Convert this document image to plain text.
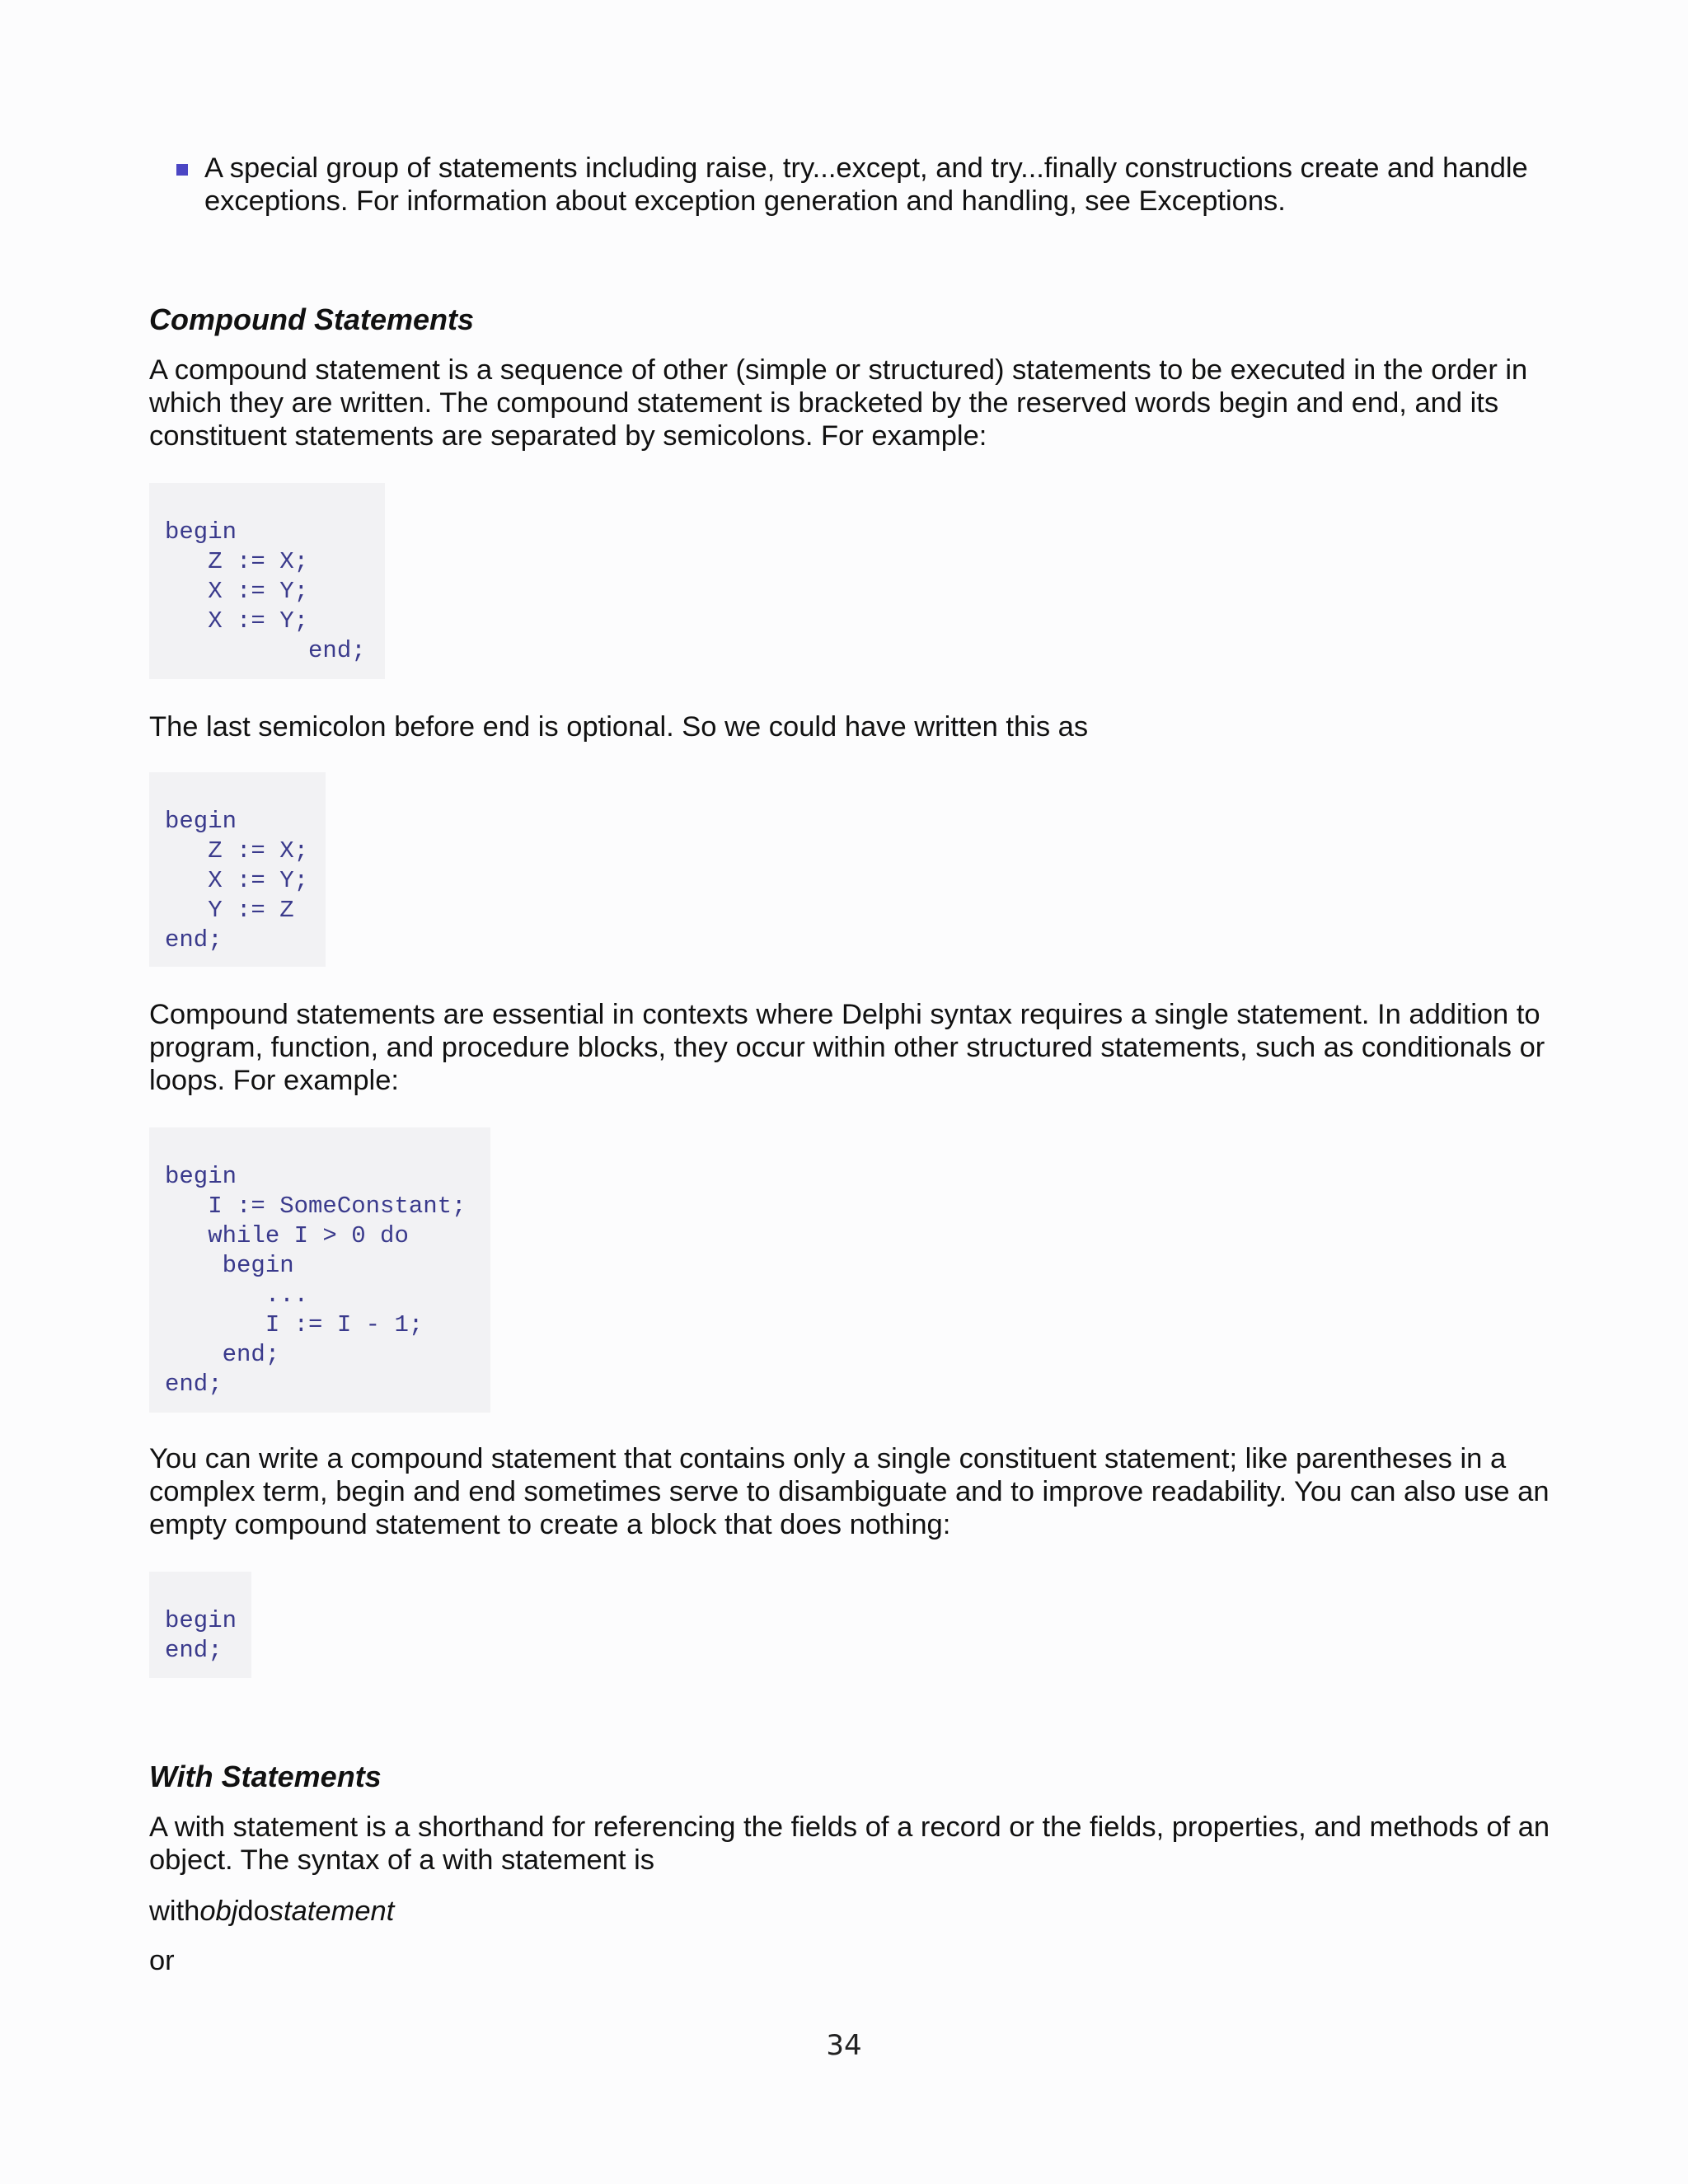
A special group of statements including raise, try...except, and try...finally constructions create and handle exceptions. For information about exception generation and handling, see Exceptions.

Compound Statements

A compound statement is a sequence of other (simple or structured) statements to be executed in the order in which they are written. The compound statement is bracketed by the reserved words begin and end, and its constituent statements are separated by semicolons. For example:

begin
Z := X;
X := Y;
X := Y;
end;

The last semicolon before end is optional. So we could have written this as

begin
Z := X;
X := Y;
Y := Z
end;

Compound statements are essential in contexts where Delphi syntax requires a single statement. In addition to program, function, and procedure blocks, they occur within other structured statements, such as conditionals or loops. For example:

begin
I := SomeConstant;
while I > 0 do
begin
...
I := I - 1;
end;
end;

You can write a compound statement that contains only a single constituent statement; like parentheses in a complex term, begin and end sometimes serve to disambiguate and to improve readability. You can also use an empty compound statement to create a block that does nothing:

begin
end;
With Statements

A with statement is a shorthand for referencing the fields of a record or the fields, properties, and methods of an object. The syntax of a with statement is

withobjdostatement

or

34
